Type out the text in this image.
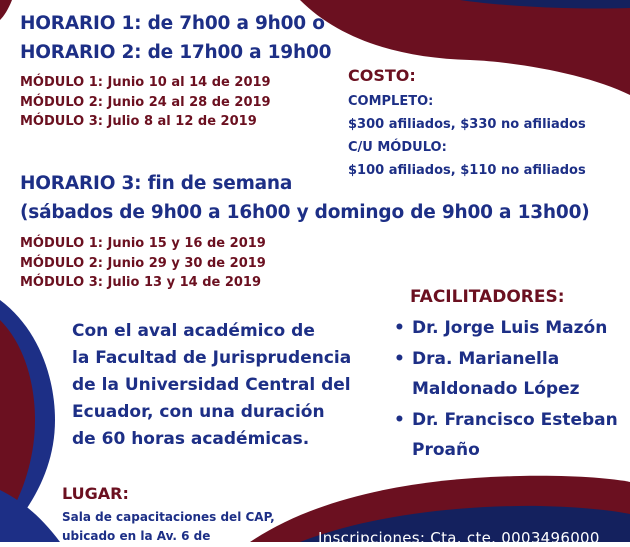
HORARIO 1: de 7h00 a 9h00 o
HORARIO 2: de 17h00 a 19h00
MÓDULO 1: Junio 10 al 14 de 2019
MÓDULO 2: Junio 24 al 28 de 2019
MÓDULO 3: Julio 8 al 12 de 2019
COSTO:
COMPLETO:
$300 afiliados, $330 no afiliados
C/U MÓDULO:
$100 afiliados, $110 no afiliados
HORARIO 3: fin de semana
(sábados de 9h00 a 16h00 y domingo de 9h00 a 13h00)
MÓDULO 1: Junio 15 y 16 de 2019
MÓDULO 2: Junio 29 y 30 de 2019
MÓDULO 3: Julio 13 y 14 de 2019
Con el aval académico de
la Facultad de Jurisprudencia
de la Universidad Central del
Ecuador, con una duración
de 60 horas académicas.
FACILITADORES:
• Dr. Jorge Luis Mazón
• Dra. Marianella
Maldonado López
• Dr. Francisco Esteban
Proaño
LUGAR:
Sala de capacitaciones del CAP,
ubicado en la Av. 6 de	Inscripciones: Cta. cte. 0003496000
